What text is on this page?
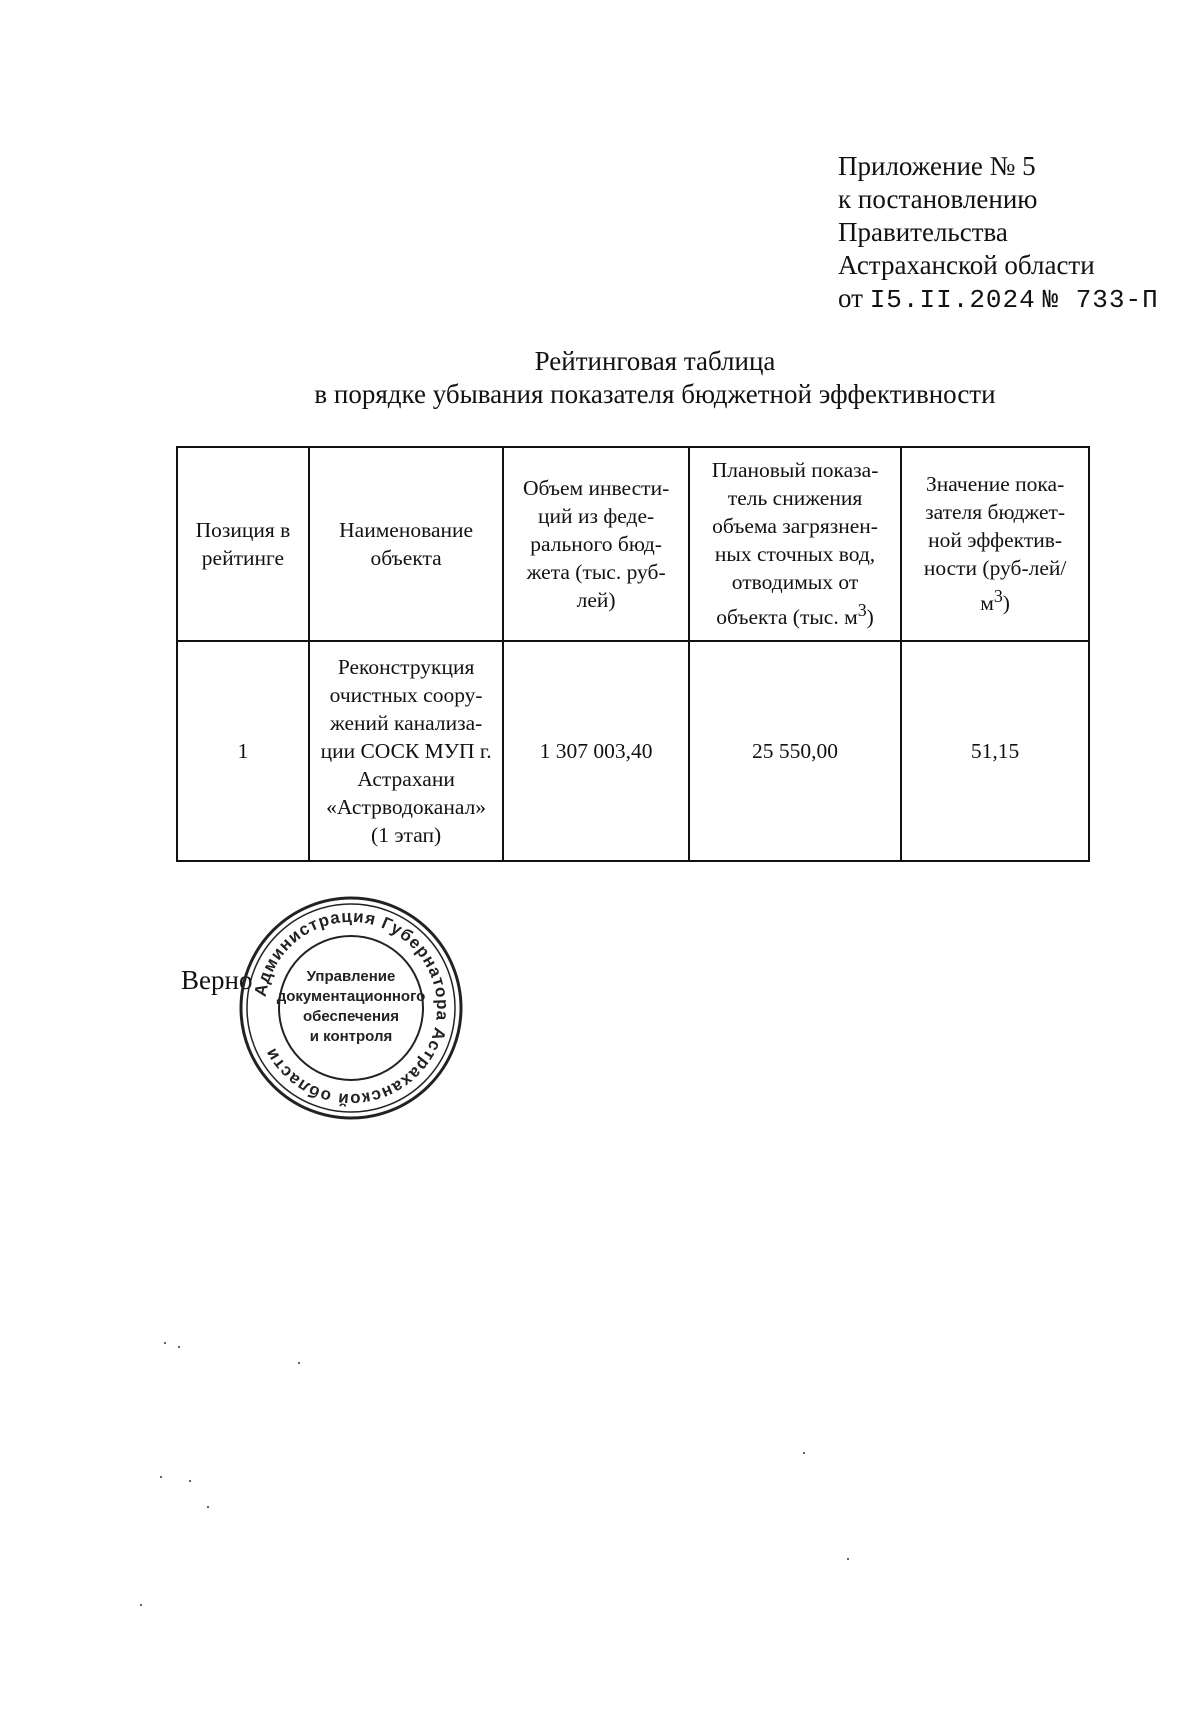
Приложение № 5
к постановлению
Правительства
Астраханской области
от I5.II.2024 № 733-П
Рейтинговая таблица
в порядке убывания показателя бюджетной эффективности
Позиция в рейтинге	Наименование объекта	Объем инвести-ций из феде-рального бюд-жета (тыс. руб-лей)	Плановый показа-тель снижения объема загрязнен-ных сточных вод, отводимых от объекта (тыс. $м^3$)	Значение пока-зателя бюджет-ной эффектив-ности $(руб-лей/м^3)$
1	Реконструкция очистных соору-жений канализа-ции СОСК МУП г. Астрахани «Астрводоканал» (1 этап)	1 307 003,40	25 550,00	51,15
Верно
Администрация Губернатора Астраханской области
Управление
документационного
обеспечения
и контроля
